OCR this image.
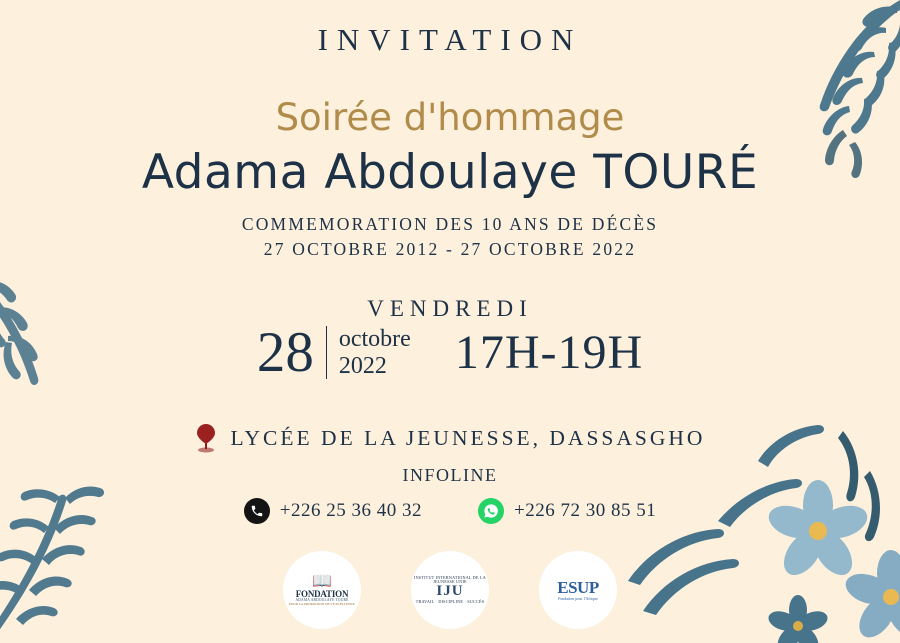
INVITATION
Soirée d'hommage
Adama Abdoulaye TOURÉ
COMMEMORATION DES 10 ANS DE DÉCÈS
27 OCTOBRE 2012 - 27 OCTOBRE 2022
VENDREDI
28	octobre
2022	17H-19H
LYCÉE DE LA JEUNESSE, DASSASGHO
INFOLINE
+226 25 36 40 32	+226 72 30 85 51
📖
FONDATION
ADAMA ABDOULAYE TOURÉ
POUR LA PROMOTION DE L'EXCELLENCE
INSTITUT INTERNATIONAL DE LA JEUNESSE UNIE
IJU
TRAVAIL · DISCIPLINE · SUCCÈS
ESUP
Fondation pour l'Afrique
